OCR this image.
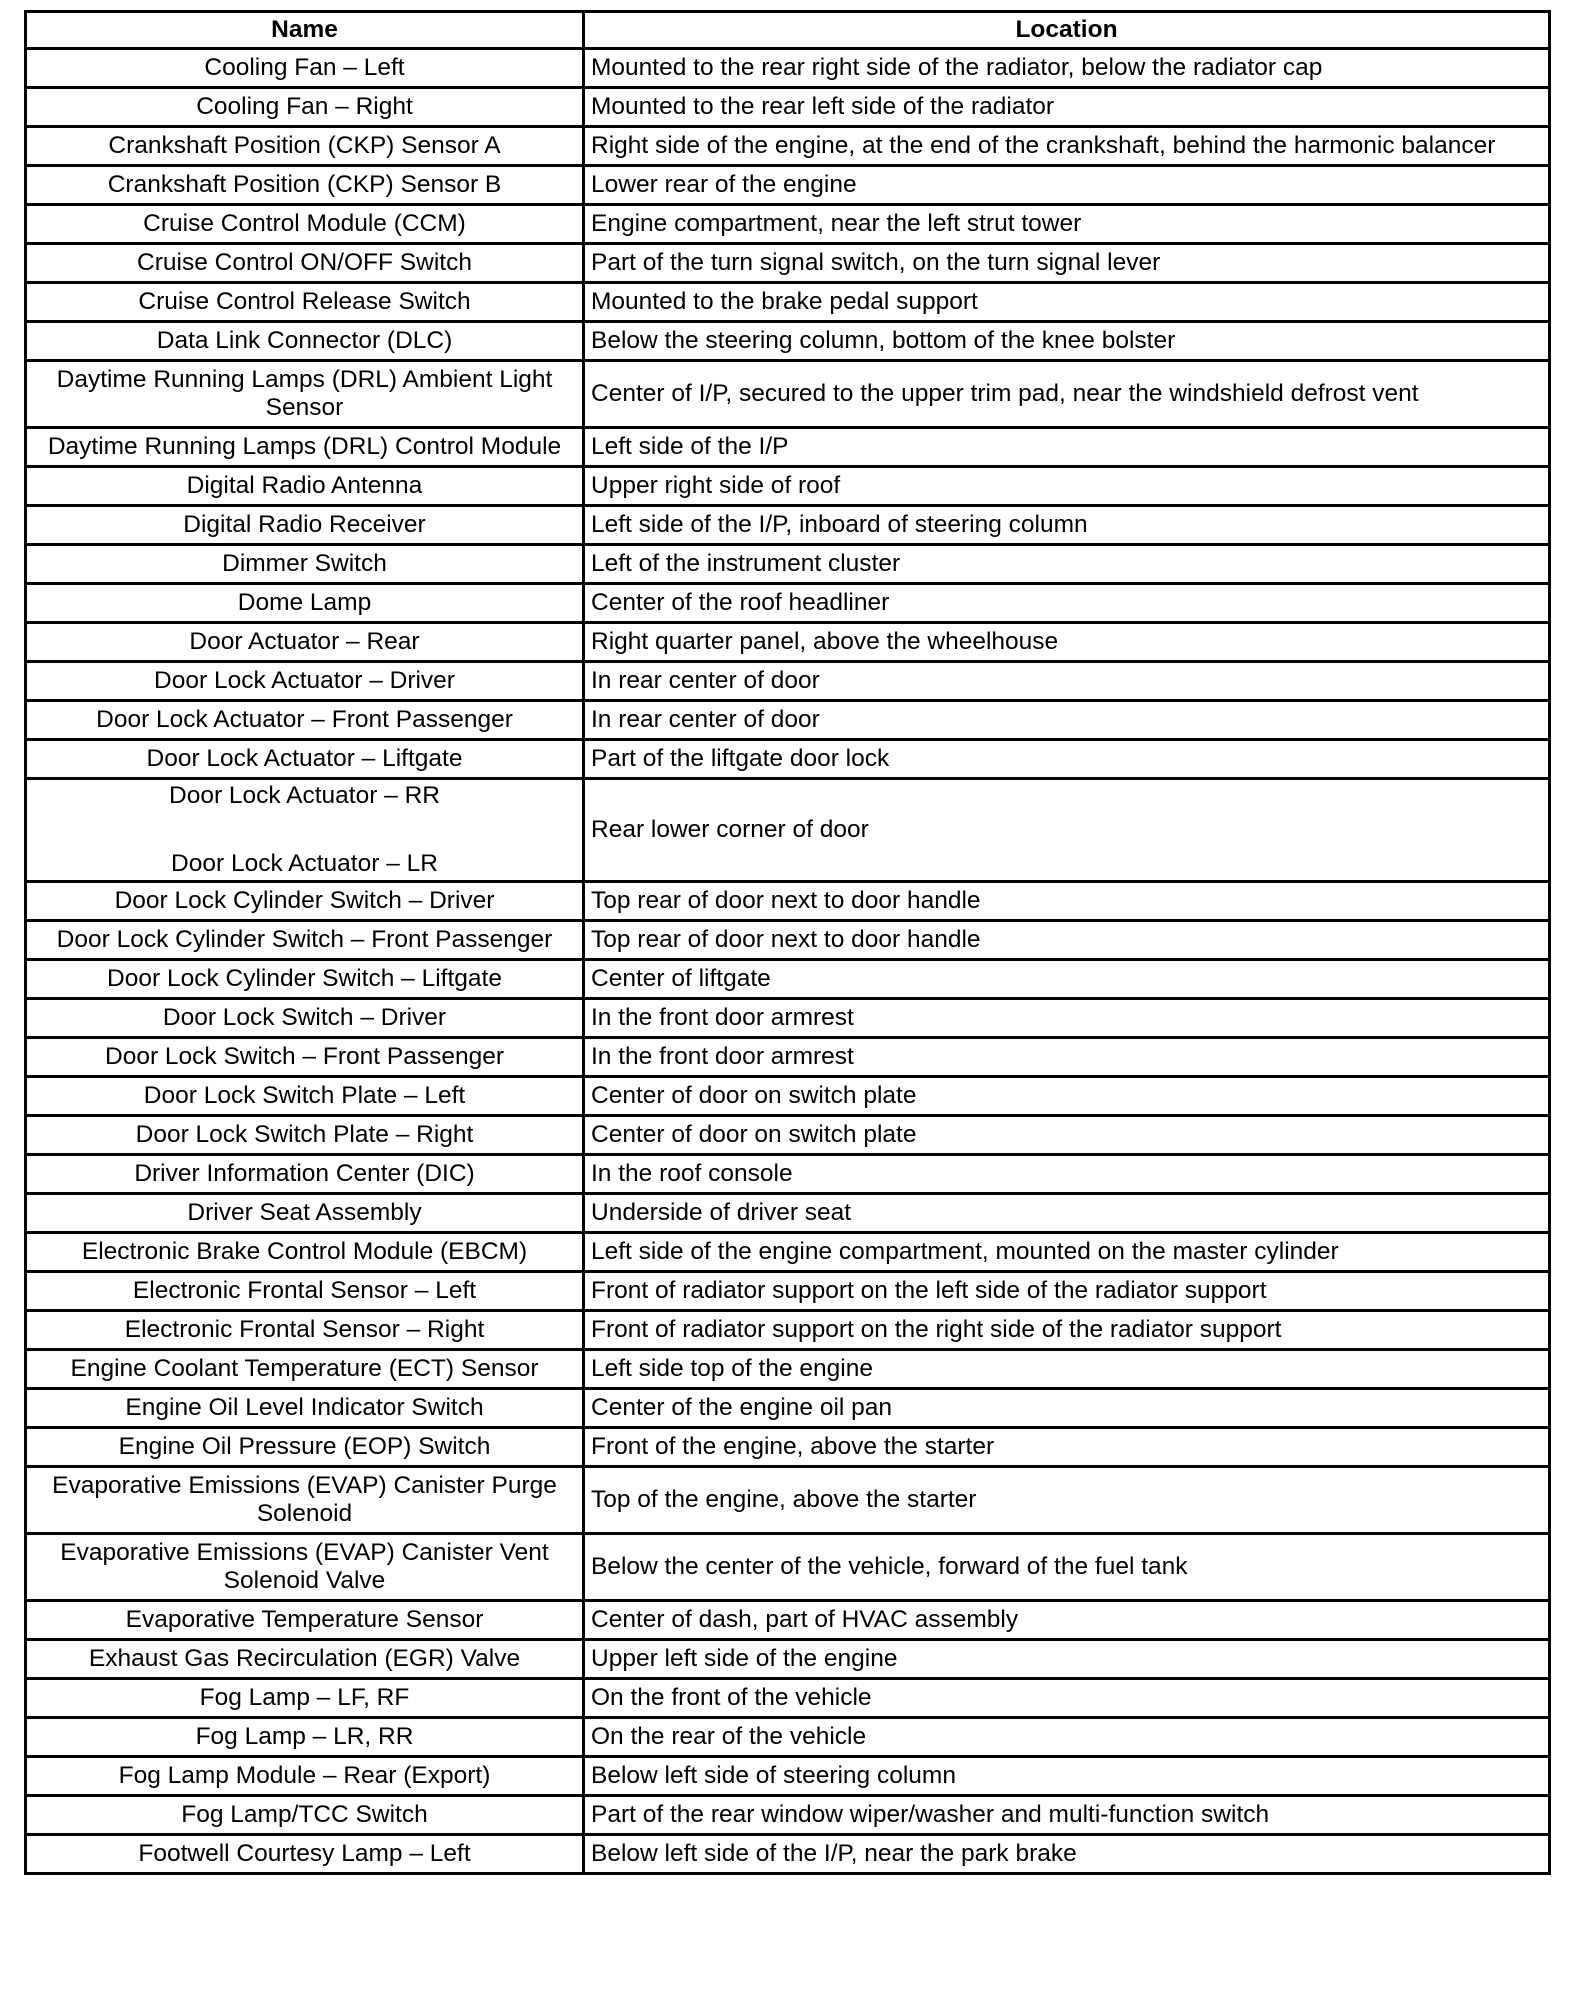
Name	Location

Cooling Fan – Left	Mounted to the rear right side of the radiator, below the radiator cap

Cooling Fan – Right	Mounted to the rear left side of the radiator

Crankshaft Position (CKP) Sensor A	Right side of the engine, at the end of the crankshaft, behind the harmonic balancer

Crankshaft Position (CKP) Sensor B	Lower rear of the engine

Cruise Control Module (CCM)	Engine compartment, near the left strut tower

Cruise Control ON/OFF Switch	Part of the turn signal switch, on the turn signal lever

Cruise Control Release Switch	Mounted to the brake pedal support

Data Link Connector (DLC)	Below the steering column, bottom of the knee bolster

Daytime Running Lamps (DRL) Ambient Light Sensor	Center of I/P, secured to the upper trim pad, near the windshield defrost vent

Daytime Running Lamps (DRL) Control Module	Left side of the I/P

Digital Radio Antenna	Upper right side of roof

Digital Radio Receiver	Left side of the I/P, inboard of steering column

Dimmer Switch	Left of the instrument cluster

Dome Lamp	Center of the roof headliner

Door Actuator – Rear	Right quarter panel, above the wheelhouse

Door Lock Actuator – Driver	In rear center of door

Door Lock Actuator – Front Passenger	In rear center of door

Door Lock Actuator – Liftgate	Part of the liftgate door lock

Door Lock Actuator – RR
Door Lock Actuator – LR	Rear lower corner of door

Door Lock Cylinder Switch – Driver	Top rear of door next to door handle

Door Lock Cylinder Switch – Front Passenger	Top rear of door next to door handle

Door Lock Cylinder Switch – Liftgate	Center of liftgate

Door Lock Switch – Driver	In the front door armrest

Door Lock Switch – Front Passenger	In the front door armrest

Door Lock Switch Plate – Left	Center of door on switch plate

Door Lock Switch Plate – Right	Center of door on switch plate

Driver Information Center (DIC)	In the roof console

Driver Seat Assembly	Underside of driver seat

Electronic Brake Control Module (EBCM)	Left side of the engine compartment, mounted on the master cylinder

Electronic Frontal Sensor – Left	Front of radiator support on the left side of the radiator support

Electronic Frontal Sensor – Right	Front of radiator support on the right side of the radiator support

Engine Coolant Temperature (ECT) Sensor	Left side top of the engine

Engine Oil Level Indicator Switch	Center of the engine oil pan

Engine Oil Pressure (EOP) Switch	Front of the engine, above the starter

Evaporative Emissions (EVAP) Canister Purge Solenoid	Top of the engine, above the starter

Evaporative Emissions (EVAP) Canister Vent Solenoid Valve	Below the center of the vehicle, forward of the fuel tank

Evaporative Temperature Sensor	Center of dash, part of HVAC assembly

Exhaust Gas Recirculation (EGR) Valve	Upper left side of the engine

Fog Lamp – LF, RF	On the front of the vehicle

Fog Lamp – LR, RR	On the rear of the vehicle

Fog Lamp Module – Rear (Export)	Below left side of steering column

Fog Lamp/TCC Switch	Part of the rear window wiper/washer and multi-function switch

Footwell Courtesy Lamp – Left	Below left side of the I/P, near the park brake
